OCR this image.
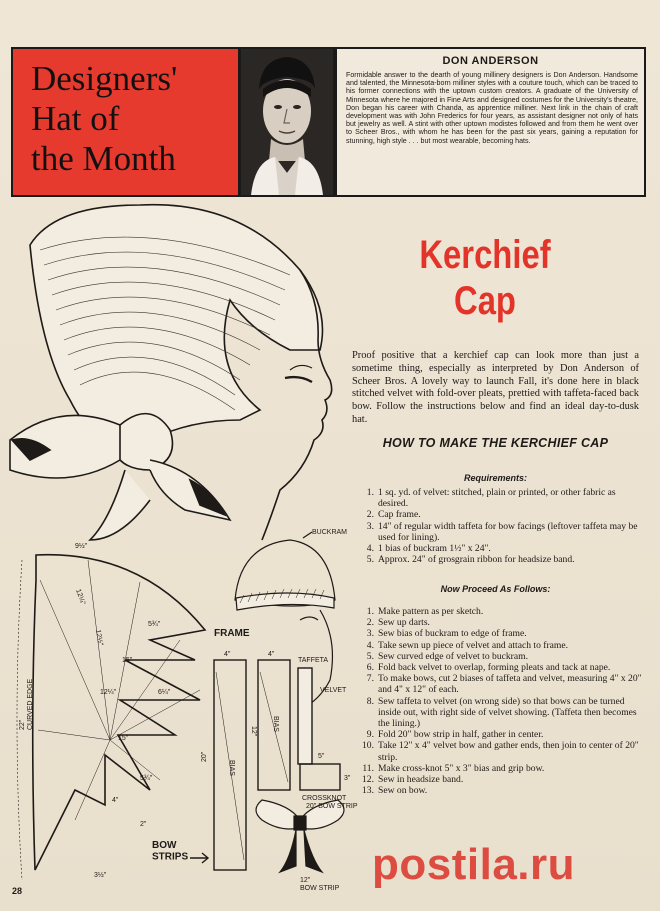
Designers'
Hat of
the Month
DON ANDERSON
Formidable answer to the dearth of young millinery designers is Don Anderson. Handsome and talented, the Minnesota-born milliner styles with a couture touch, which can be traced to his former connections with the uptown custom creators. A graduate of the University of Minnesota where he majored in Fine Arts and designed costumes for the University's theatre, Don began his career with Chanda, as apprentice milliner. Next link in the chain of craft development was with John Frederics for four years, as assistant designer not only of hats but jewelry as well. A stint with other uptown modistes followed and from them he went over to Scheer Bros., with whom he has been for the past six years, gaining a reputation for stunning, high style . . . but most wearable, becoming hats.
BUCKRAM
9½"
12¼"
12½"
15"
12¼"
15"
6¼"
5¾"
5¾"
4"
2"
3½"
22"CURVED EDGE
FRAME
4"	4"
20"
12"
BIAS
BIAS
TAFFETA
VELVET
5"
3"
CROSSKNOT
20" BOW STRIP
12" BOW STRIP
BOW STRIPS
Kerchief
Cap
Proof positive that a kerchief cap can look more than just a sometime thing, especially as interpreted by Don Anderson of Scheer Bros. A lovely way to launch Fall, it's done here in black stitched velvet with fold-over pleats, prettied with taffeta-faced back bow. Follow the instructions below and find an ideal day-to-dusk hat.
HOW TO MAKE THE KERCHIEF CAP
Requirements:
1. 1 sq. yd. of velvet: stitched, plain or printed, or other fabric as desired.
2. Cap frame.
3. 14" of regular width taffeta for bow facings (leftover taffeta may be used for lining).
4. 1 bias of buckram 1½" x 24".
5. Approx. 24" of grosgrain ribbon for headsize band.
Now Proceed As Follows:
1. Make pattern as per sketch.
2. Sew up darts.
3. Sew bias of buckram to edge of frame.
4. Take sewn up piece of velvet and attach to frame.
5. Sew curved edge of velvet to buckram.
6. Fold back velvet to overlap, forming pleats and tack at nape.
7. To make bows, cut 2 biases of taffeta and velvet, measuring 4" x 20" and 4" x 12" of each.
8. Sew taffeta to velvet (on wrong side) so that bows can be turned inside out, with right side of velvet showing. (Taffeta then becomes the lining.)
9. Fold 20" bow strip in half, gather in center.
10. Take 12" x 4" velvet bow and gather ends, then join to center of 20" strip.
11. Make cross-knot 5" x 3" bias and grip bow.
12. Sew in headsize band.
13. Sew on bow.
28
postila.ru
